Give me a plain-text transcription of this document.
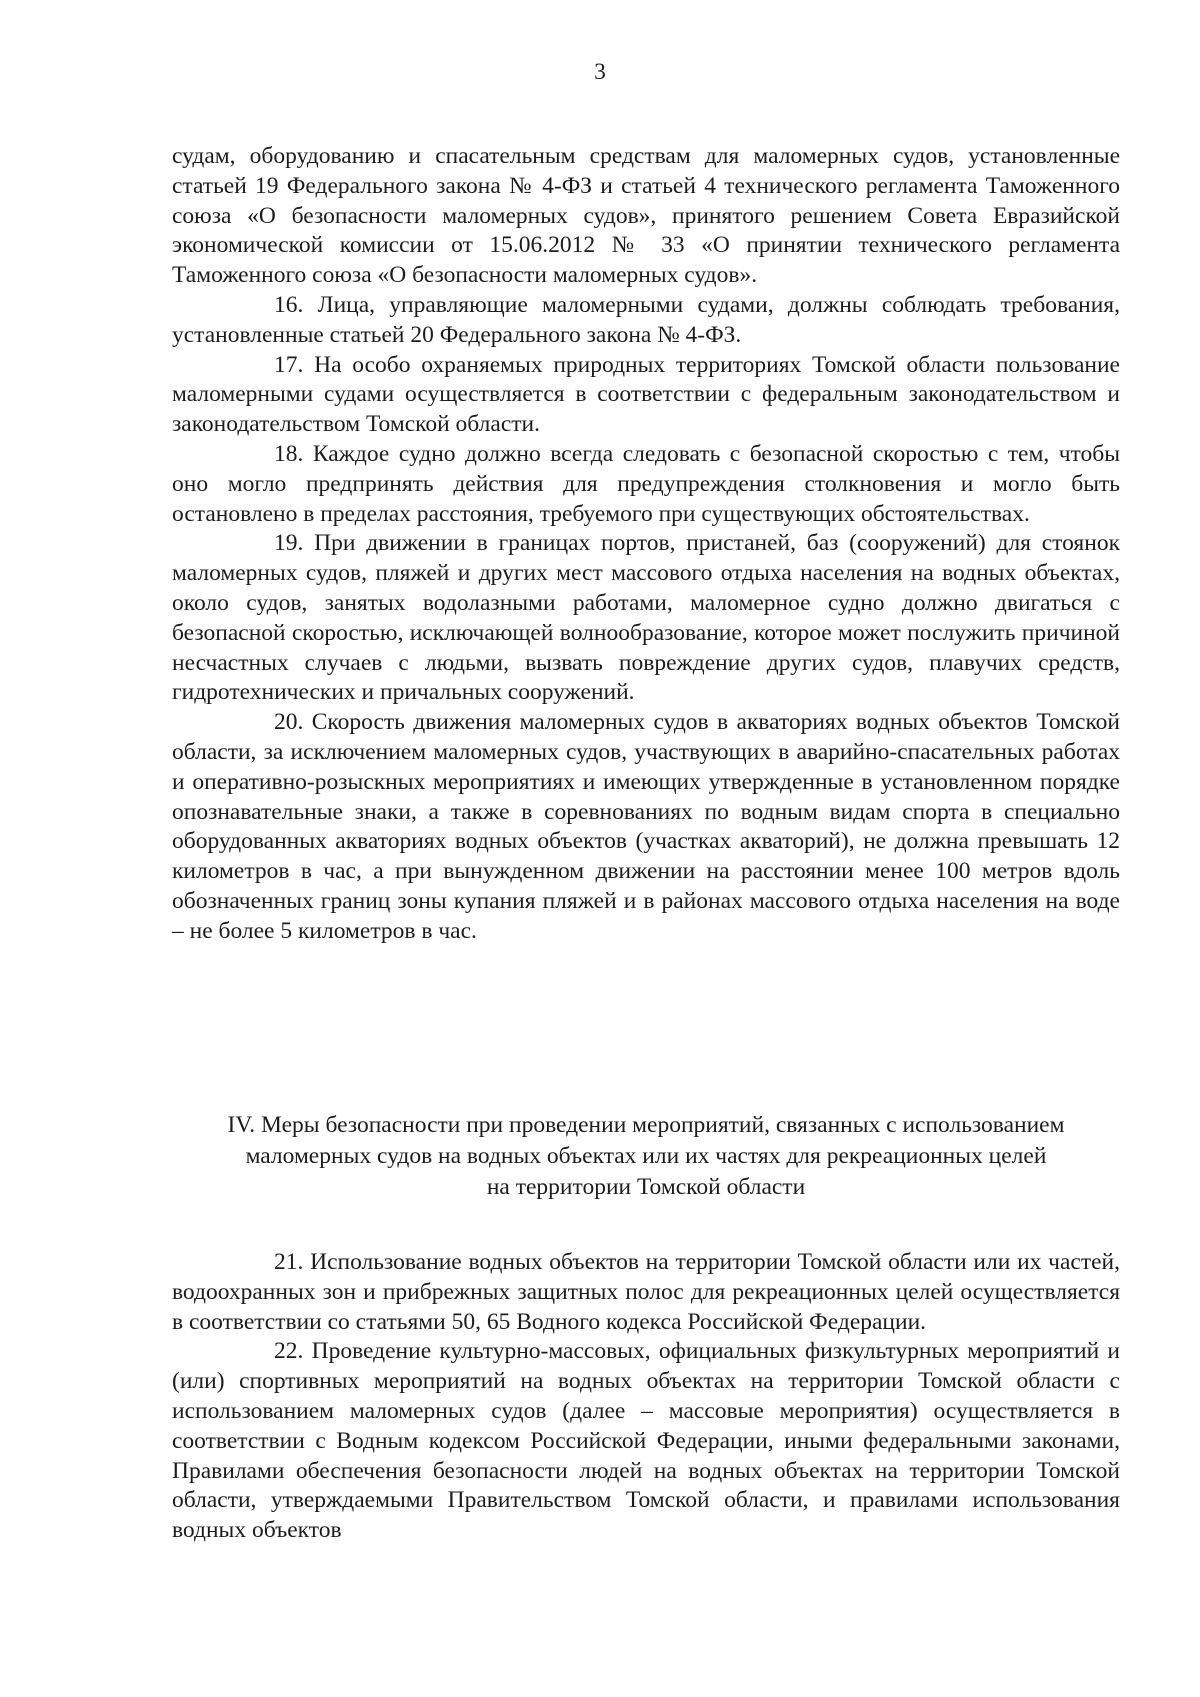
3

судам, оборудованию и спасательным средствам для маломерных судов, установленные статьей 19 Федерального закона № 4-ФЗ и статьей 4 технического регламента Таможенного союза «О безопасности маломерных судов», принятого решением Совета Евразийской экономической комиссии от 15.06.2012 № 33 «О принятии технического регламента Таможенного союза «О безопасности маломерных судов».

16. Лица, управляющие маломерными судами, должны соблюдать требования, установленные статьей 20 Федерального закона № 4-ФЗ.

17. На особо охраняемых природных территориях Томской области пользование маломерными судами осуществляется в соответствии с федеральным законодательством и законодательством Томской области.

18. Каждое судно должно всегда следовать с безопасной скоростью с тем, чтобы оно могло предпринять действия для предупреждения столкновения и могло быть остановлено в пределах расстояния, требуемого при существующих обстоятельствах.

19. При движении в границах портов, пристаней, баз (сооружений) для стоянок маломерных судов, пляжей и других мест массового отдыха населения на водных объектах, около судов, занятых водолазными работами, маломерное судно должно двигаться с безопасной скоростью, исключающей волнообразование, которое может послужить причиной несчастных случаев с людьми, вызвать повреждение других судов, плавучих средств, гидротехнических и причальных сооружений.

20. Скорость движения маломерных судов в акваториях водных объектов Томской области, за исключением маломерных судов, участвующих в аварийно-спасательных работах и оперативно-розыскных мероприятиях и имеющих утвержденные в установленном порядке опознавательные знаки, а также в соревнованиях по водным видам спорта в специально оборудованных акваториях водных объектов (участках акваторий), не должна превышать 12 километров в час, а при вынужденном движении на расстоянии менее 100 метров вдоль обозначенных границ зоны купания пляжей и в районах массового отдыха населения на воде – не более 5 километров в час.

IV. Меры безопасности при проведении мероприятий, связанных с использованием
маломерных судов на водных объектах или их частях для рекреационных целей
на территории Томской области

21. Использование водных объектов на территории Томской области или их частей, водоохранных зон и прибрежных защитных полос для рекреационных целей осуществляется в соответствии со статьями 50, 65 Водного кодекса Российской Федерации.

22. Проведение культурно-массовых, официальных физкультурных мероприятий и (или) спортивных мероприятий на водных объектах на территории Томской области с использованием маломерных судов (далее – массовые мероприятия) осуществляется в соответствии с Водным кодексом Российской Федерации, иными федеральными законами, Правилами обеспечения безопасности людей на водных объектах на территории Томской области, утверждаемыми Правительством Томской области, и правилами использования водных объектов
